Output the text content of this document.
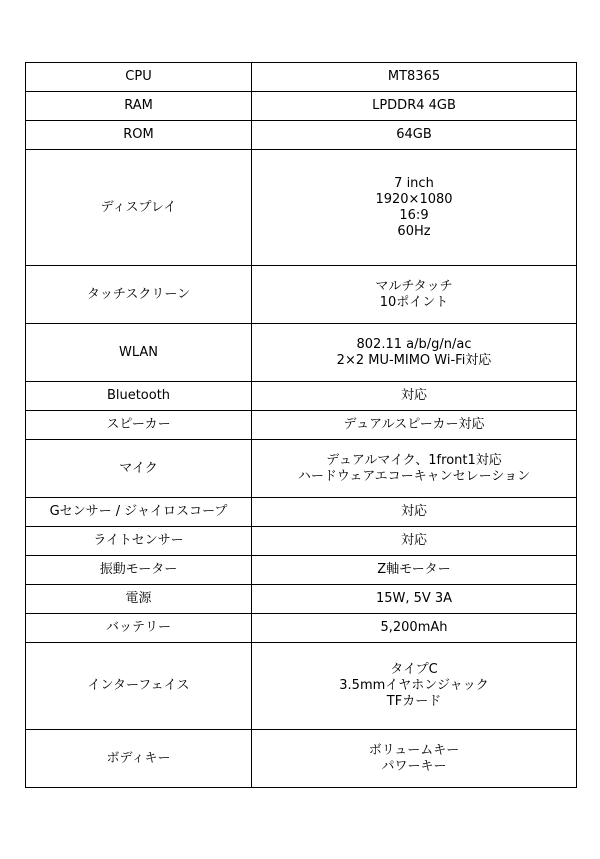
CPU	MT8365

RAM	LPDDR4 4GB

ROM	64GB

ディスプレイ	7 inch
1920×1080
16:9
60Hz

タッチスクリーン	マルチタッチ
10ポイント

WLAN	802.11 a/b/g/n/ac
2×2 MU-MIMO Wi-Fi対応

Bluetooth	対応

スピーカー	デュアルスピーカー対応

マイク	デュアルマイク、1front1対応
ハードウェアエコーキャンセレーション

Gセンサー / ジャイロスコープ	対応

ライトセンサー	対応

振動モーター	Z軸モーター

電源	15W, 5V 3A

バッテリー	5,200mAh

インターフェイス	タイプC
3.5mmイヤホンジャック
TFカード

ボディキー	ボリュームキー
パワーキー
